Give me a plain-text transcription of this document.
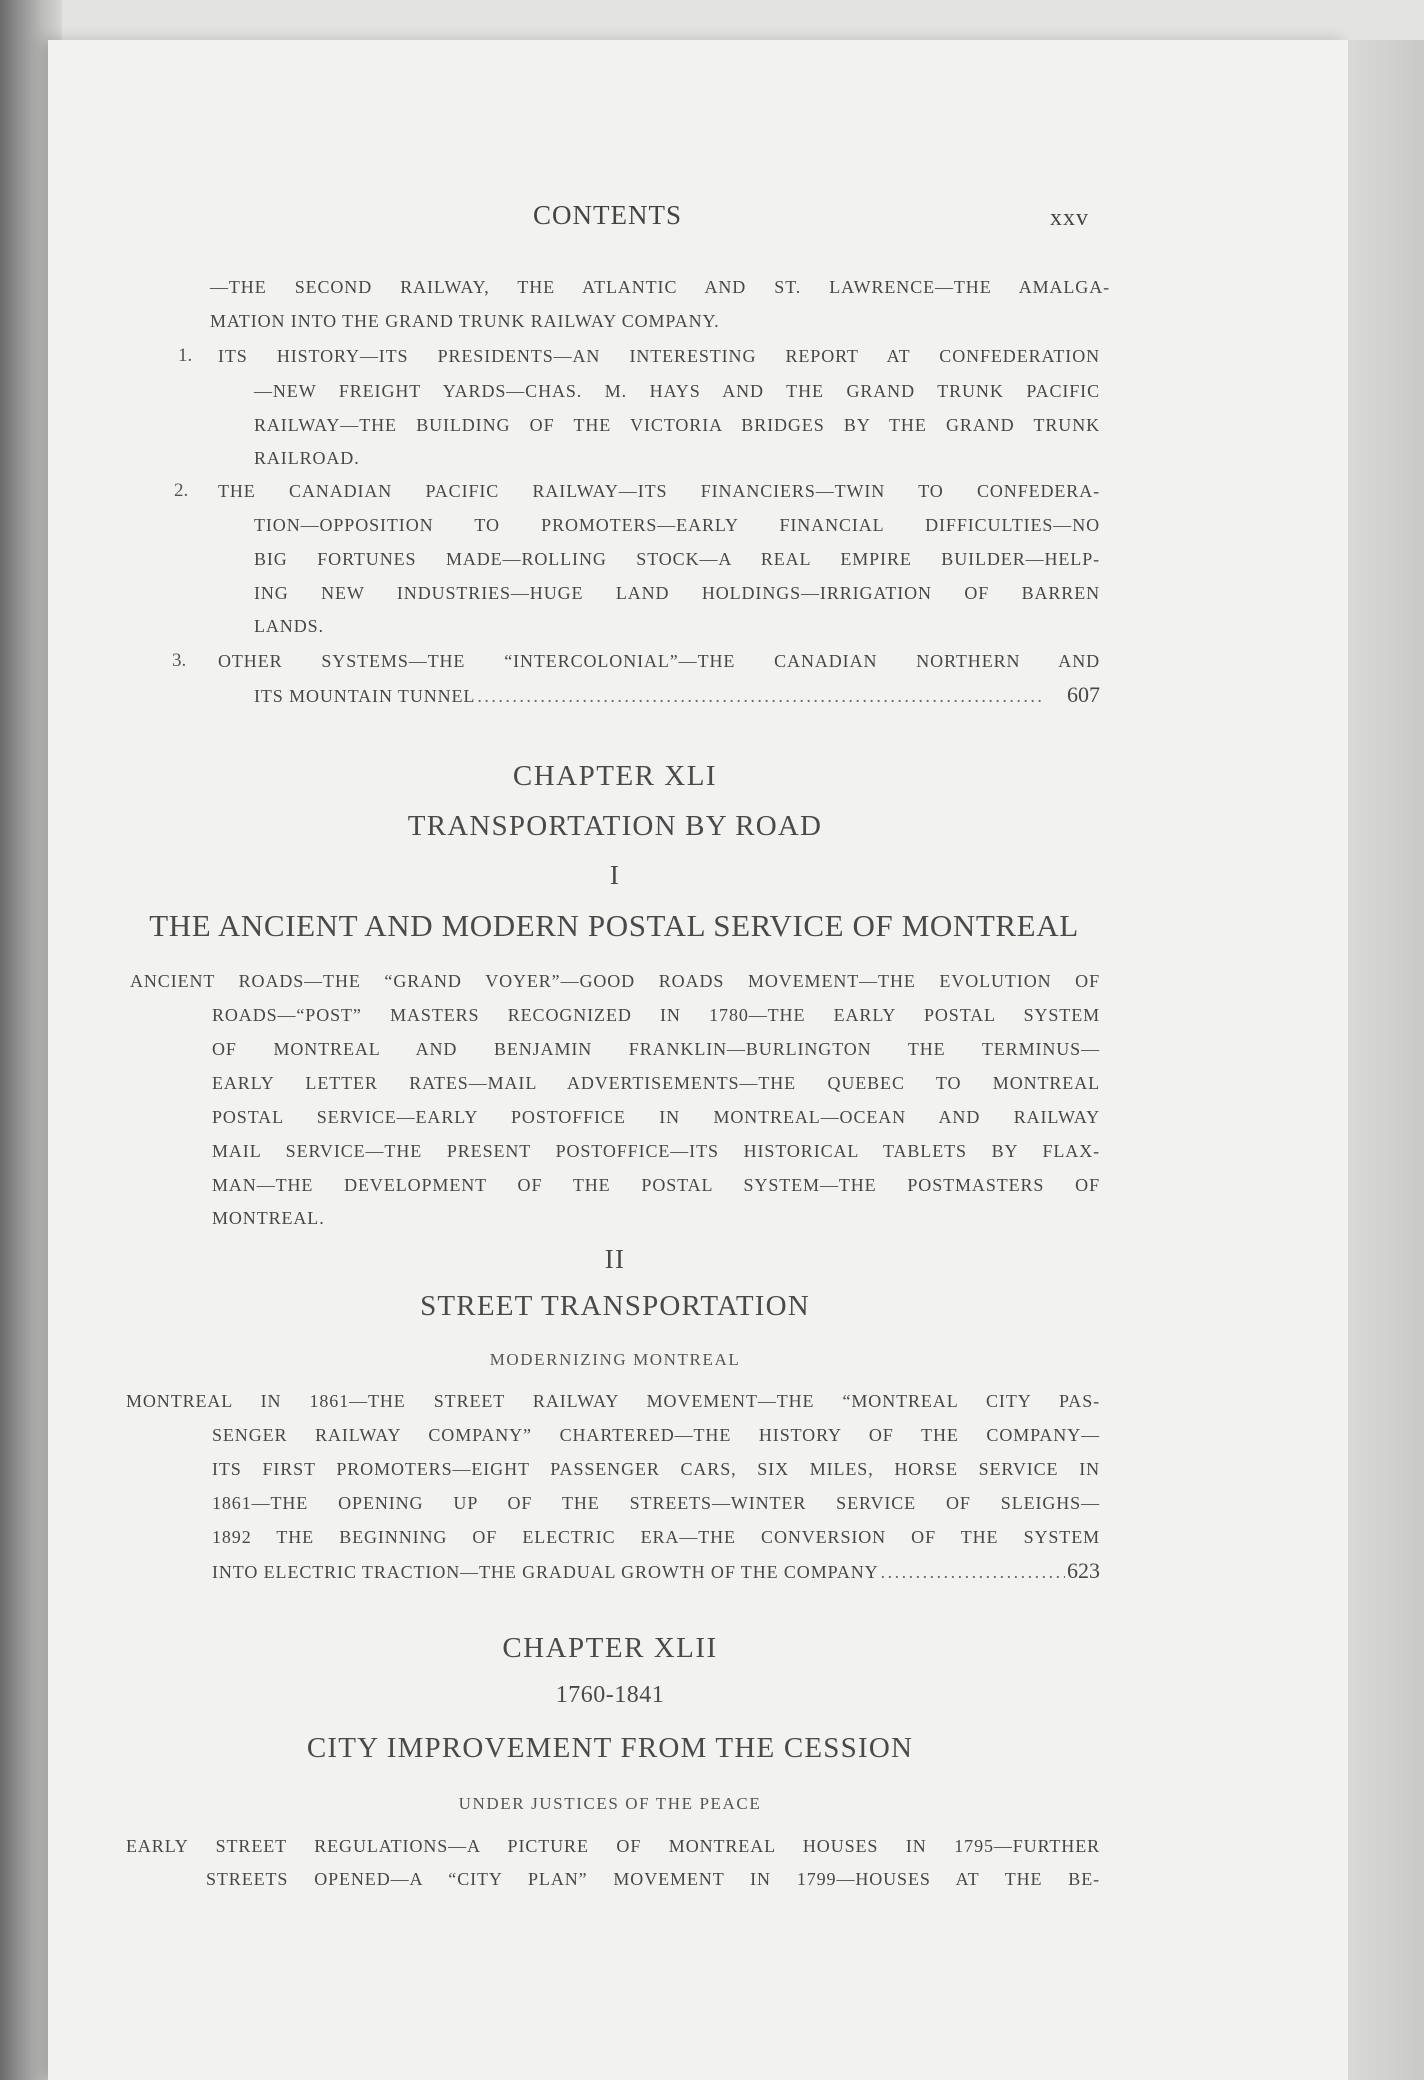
CONTENTS	xxv
—THE SECOND RAILWAY, THE ATLANTIC AND ST. LAWRENCE—THE AMALGA-
MATION INTO THE GRAND TRUNK RAILWAY COMPANY.
1. ITS HISTORY—ITS PRESIDENTS—AN INTERESTING REPORT AT CONFEDERATION
—NEW FREIGHT YARDS—CHAS. M. HAYS AND THE GRAND TRUNK PACIFIC
RAILWAY—THE BUILDING OF THE VICTORIA BRIDGES BY THE GRAND TRUNK
RAILROAD.
2. THE CANADIAN PACIFIC RAILWAY—ITS FINANCIERS—TWIN TO CONFEDERA-
TION—OPPOSITION TO PROMOTERS—EARLY FINANCIAL DIFFICULTIES—NO
BIG FORTUNES MADE—ROLLING STOCK—A REAL EMPIRE BUILDER—HELP-
ING NEW INDUSTRIES—HUGE LAND HOLDINGS—IRRIGATION OF BARREN
LANDS.
3. OTHER SYSTEMS—THE “INTERCOLONIAL”—THE CANADIAN NORTHERN AND
ITS MOUNTAIN TUNNEL . . .	607
CHAPTER XLI
TRANSPORTATION BY ROAD
I
THE ANCIENT AND MODERN POSTAL SERVICE OF MONTREAL
ANCIENT ROADS—THE “GRAND VOYER”—GOOD ROADS MOVEMENT—THE EVOLUTION OF
ROADS—“POST” MASTERS RECOGNIZED IN 1780—THE EARLY POSTAL SYSTEM
OF MONTREAL AND BENJAMIN FRANKLIN—BURLINGTON THE TERMINUS—
EARLY LETTER RATES—MAIL ADVERTISEMENTS—THE QUEBEC TO MONTREAL
POSTAL SERVICE—EARLY POSTOFFICE IN MONTREAL—OCEAN AND RAILWAY
MAIL SERVICE—THE PRESENT POSTOFFICE—ITS HISTORICAL TABLETS BY FLAX-
MAN—THE DEVELOPMENT OF THE POSTAL SYSTEM—THE POSTMASTERS OF
MONTREAL.
II
STREET TRANSPORTATION
MODERNIZING MONTREAL
MONTREAL IN 1861—THE STREET RAILWAY MOVEMENT—THE “MONTREAL CITY PAS-
SENGER RAILWAY COMPANY” CHARTERED—THE HISTORY OF THE COMPANY—
ITS FIRST PROMOTERS—EIGHT PASSENGER CARS, SIX MILES, HORSE SERVICE IN
1861—THE OPENING UP OF THE STREETS—WINTER SERVICE OF SLEIGHS—
1892 THE BEGINNING OF ELECTRIC ERA—THE CONVERSION OF THE SYSTEM
INTO ELECTRIC TRACTION—THE GRADUAL GROWTH OF THE COMPANY . . .	623
CHAPTER XLII
1760-1841
CITY IMPROVEMENT FROM THE CESSION
UNDER JUSTICES OF THE PEACE
EARLY STREET REGULATIONS—A PICTURE OF MONTREAL HOUSES IN 1795—FURTHER
STREETS OPENED—A “CITY PLAN” MOVEMENT IN 1799—HOUSES AT THE BE-
